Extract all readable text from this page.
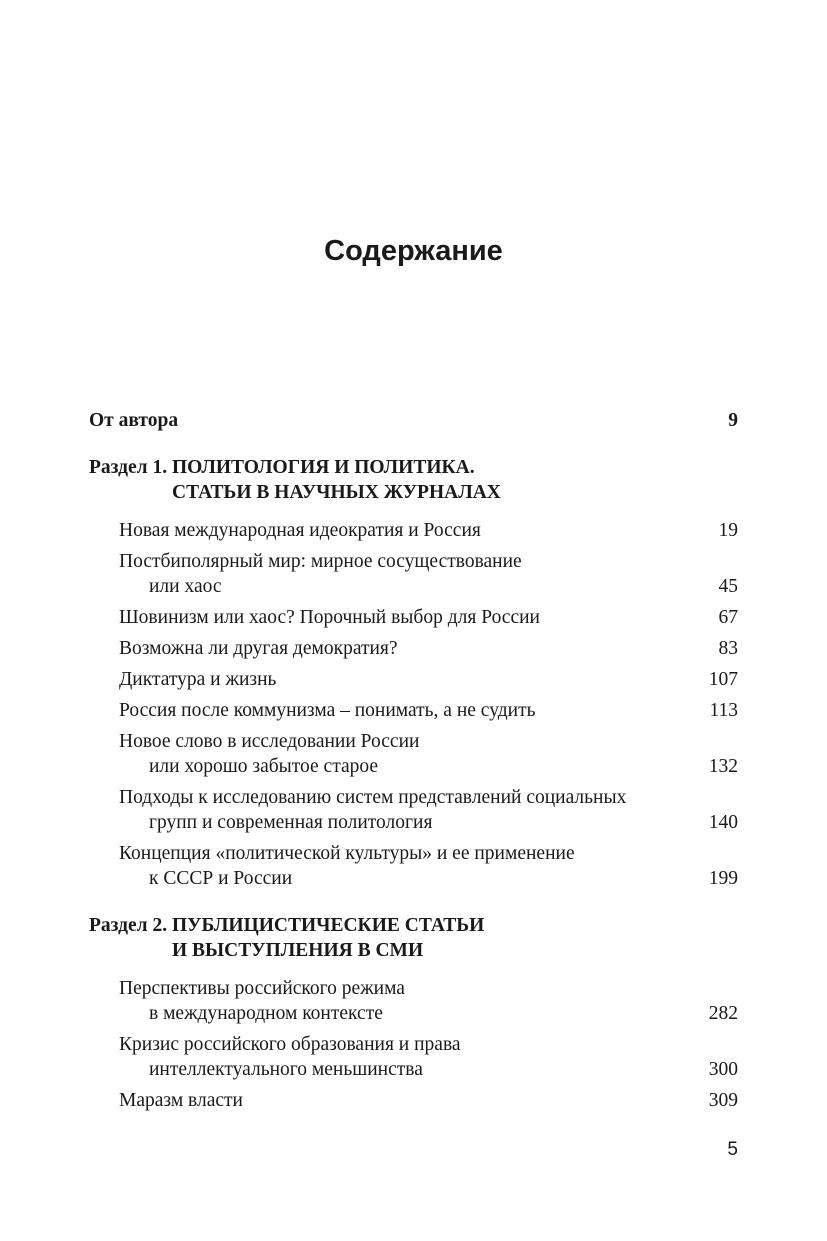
Содержание
От автора	9
Раздел 1. ПОЛИТОЛОГИЯ И ПОЛИТИКА.
СТАТЬИ В НАУЧНЫХ ЖУРНАЛАХ
Новая международная идеократия и Россия	19
Постбиполярный мир: мирное сосуществование
или хаос	45
Шовинизм или хаос? Порочный выбор для России	67
Возможна ли другая демократия?	83
Диктатура и жизнь	107
Россия после коммунизма – понимать, а не судить	113
Новое слово в исследовании России
или хорошо забытое старое	132
Подходы к исследованию систем представлений социальных
групп и современная политология	140
Концепция «политической культуры» и ее применение
к СССР и России	199
Раздел 2. ПУБЛИЦИСТИЧЕСКИЕ СТАТЬИ
И ВЫСТУПЛЕНИЯ В СМИ
Перспективы российского режима
в международном контексте	282
Кризис российского образования и права
интеллектуального меньшинства	300
Маразм власти	309
5
